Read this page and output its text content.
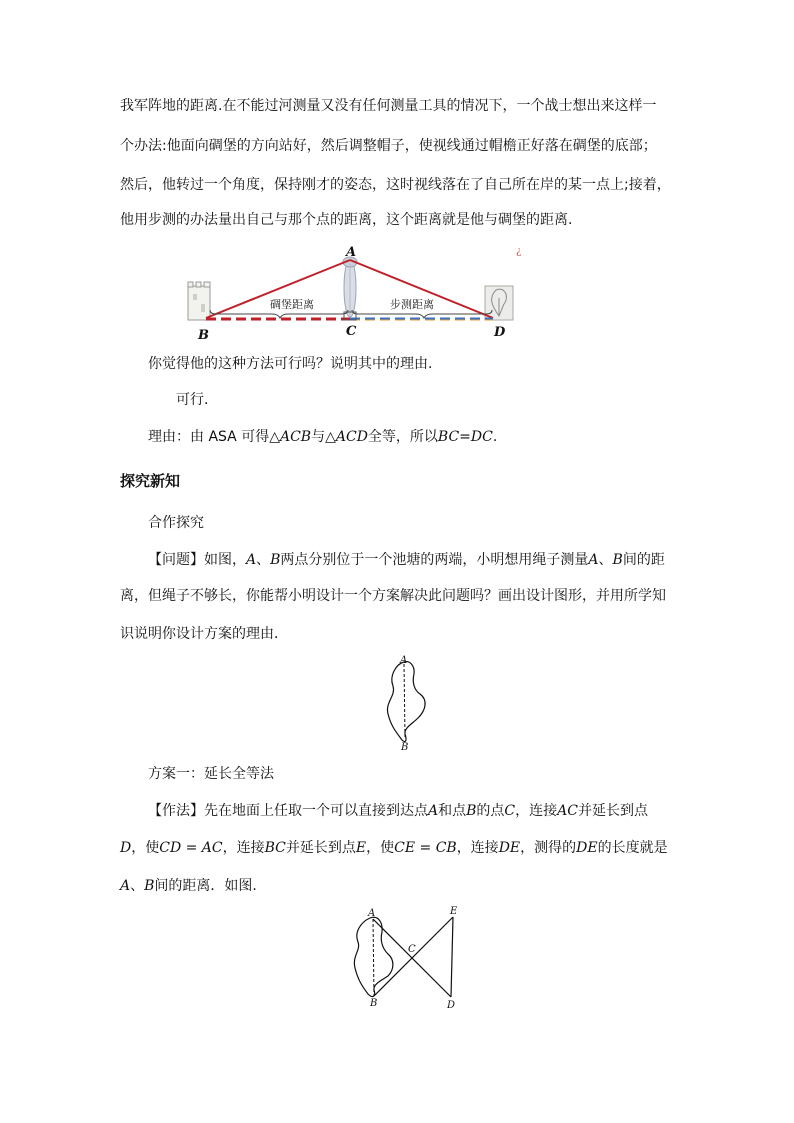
我军阵地的距离.在不能过河测量又没有任何测量工具的情况下，一个战士想出来这样一
个办法:他面向碉堡的方向站好，然后调整帽子，使视线通过帽檐正好落在碉堡的底部；
然后，他转过一个角度，保持刚才的姿态，这时视线落在了自己所在岸的某一点上;接着，
他用步测的办法量出自己与那个点的距离，这个距离就是他与碉堡的距离.
A
B	C	D
碉堡距离	步测距离
¿
你觉得他的这种方法可行吗？说明其中的理由.
可行.
理由：由 ASA 可得△ACB与△ACD全等，所以BC=DC.
探究新知
合作探究
【问题】如图，A、B两点分别位于一个池塘的两端，小明想用绳子测量A、B间的距
离，但绳子不够长，你能帮小明设计一个方案解决此问题吗？画出设计图形，并用所学知
识说明你设计方案的理由．
A
B
方案一：延长全等法
【作法】先在地面上任取一个可以直接到达点A和点B的点C，连接AC并延长到点
D，使CD = AC，连接BC并延长到点E，使CE = CB，连接DE，测得的DE的长度就是
A、B间的距离．如图.
A
B
C
D
E
